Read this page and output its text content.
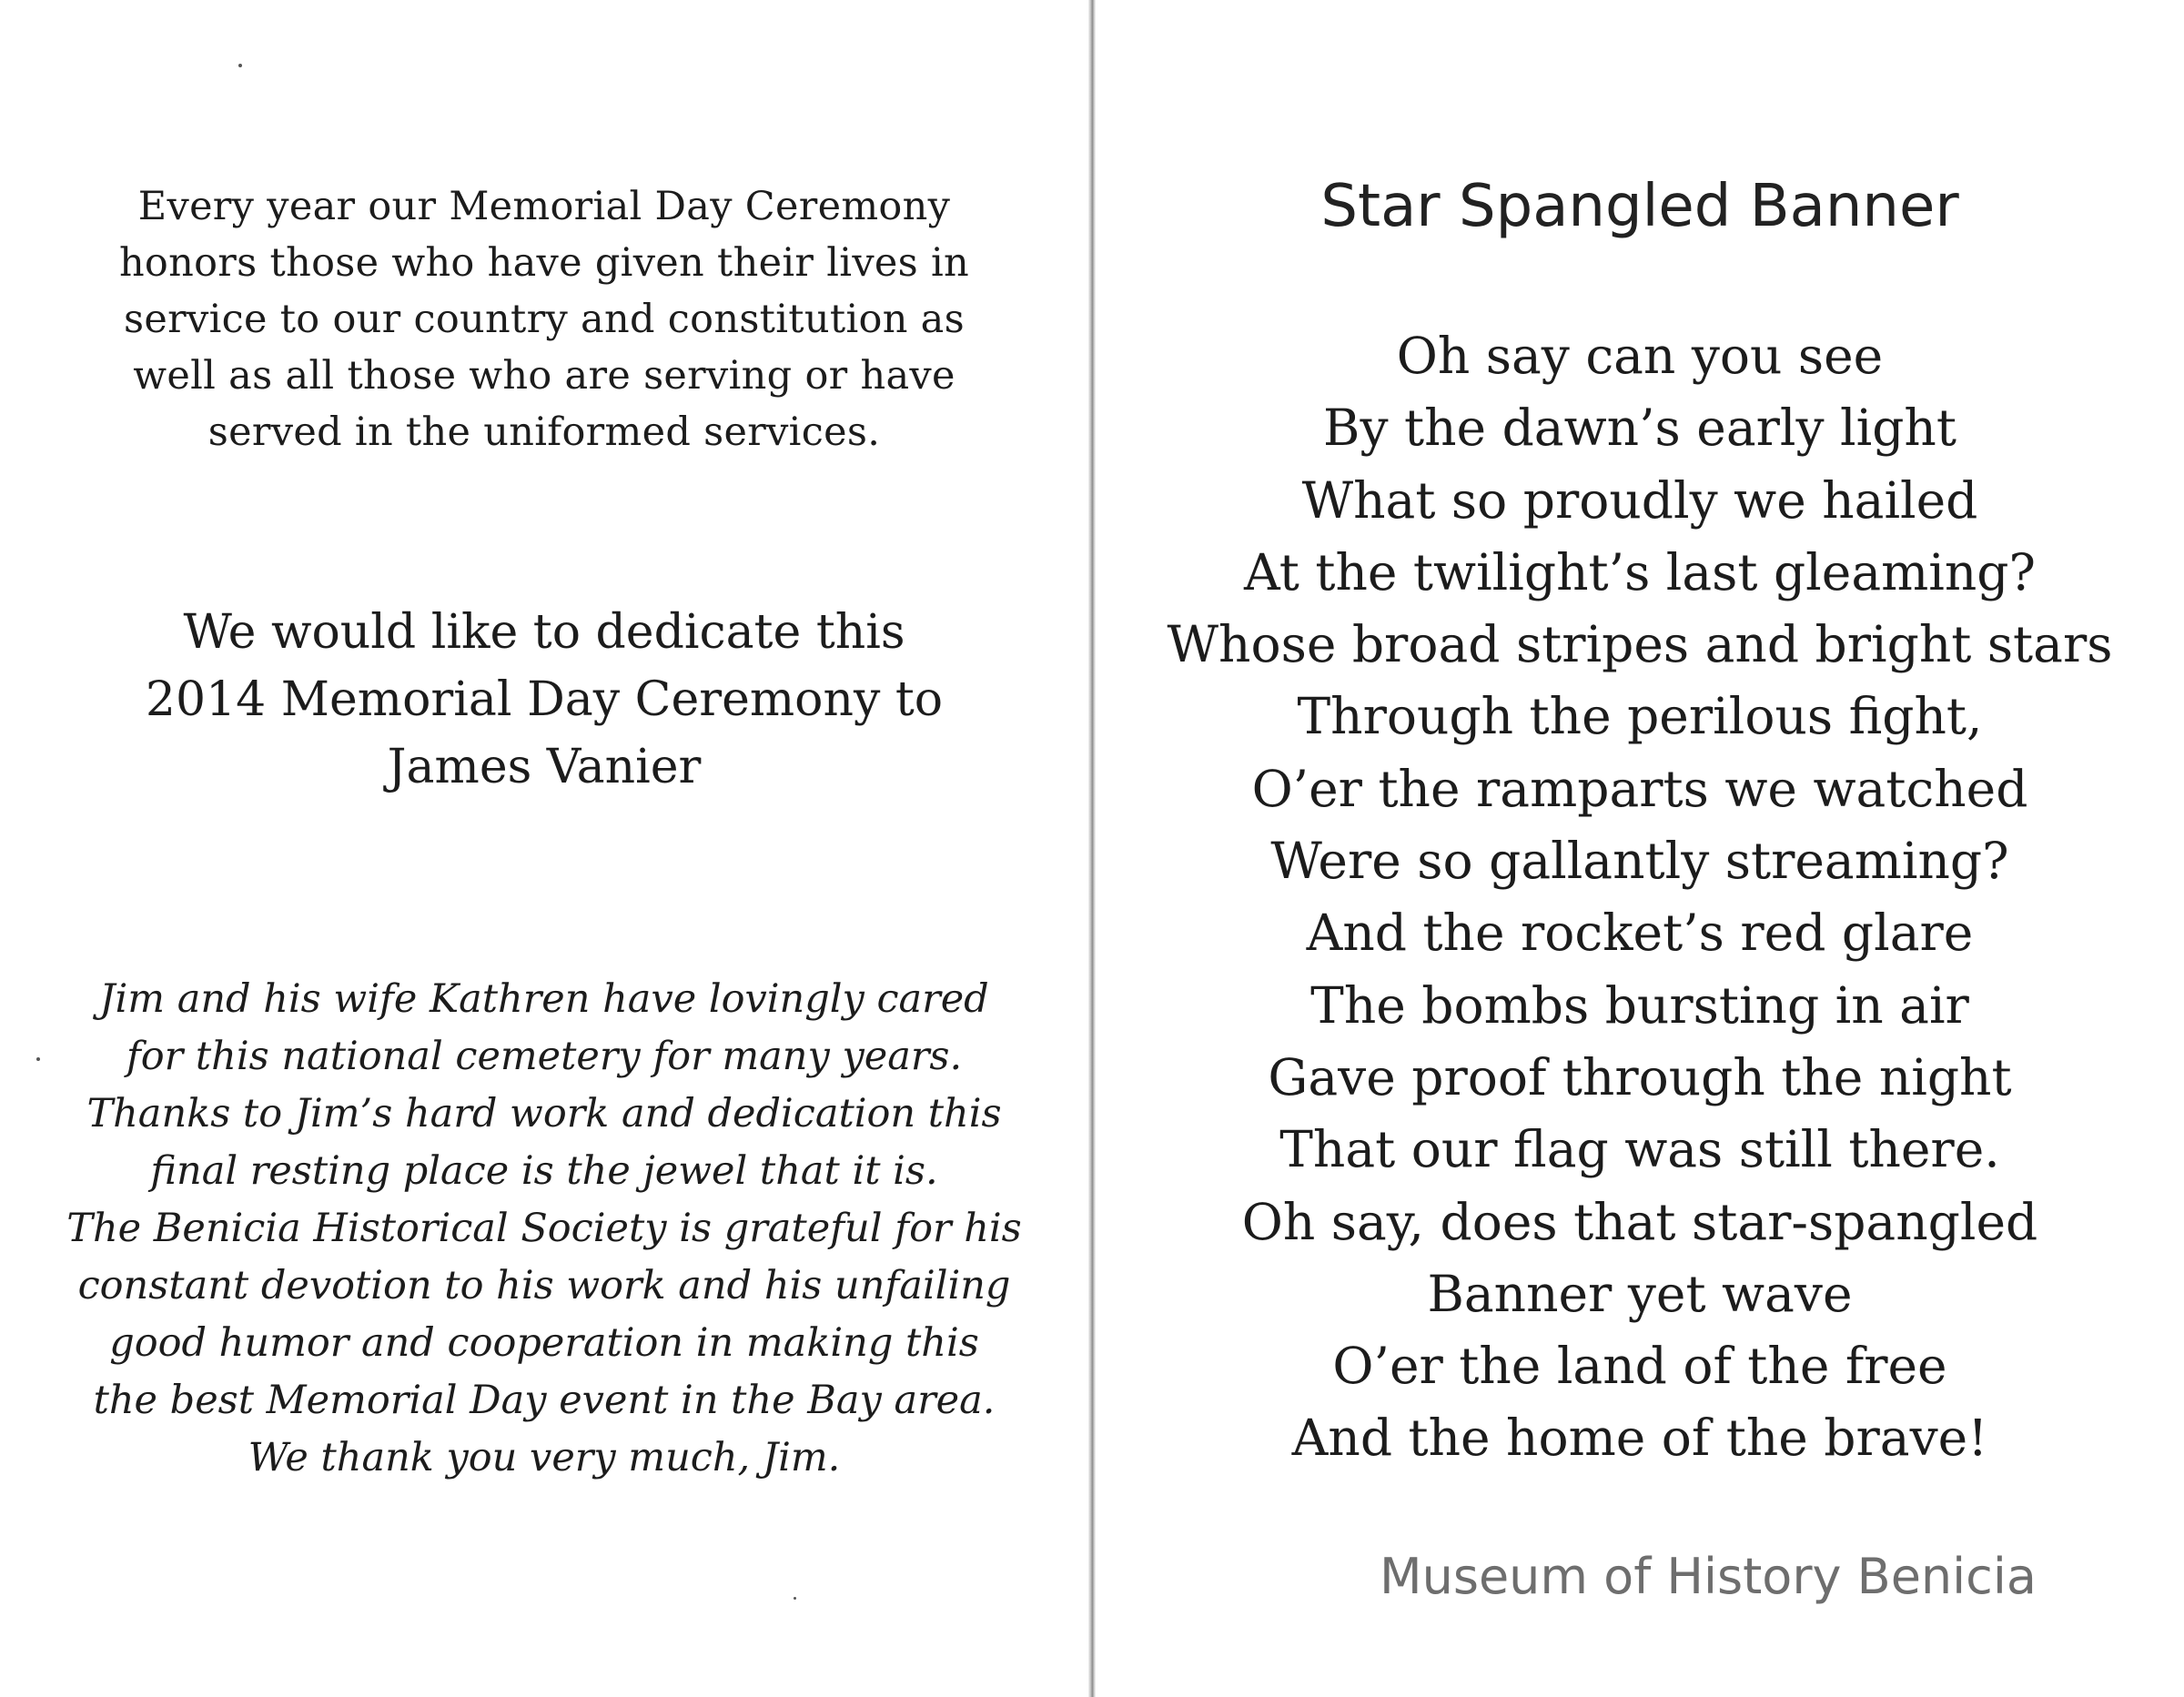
Every year our Memorial Day Ceremony
honors those who have given their lives in
service to our country and constitution as
well as all those who are serving or have
served in the uniformed services.

We would like to dedicate this
2014 Memorial Day Ceremony to
James Vanier

Jim and his wife Kathren have lovingly cared
for this national cemetery for many years.
Thanks to Jim’s hard work and dedication this
final resting place is the jewel that it is.
The Benicia Historical Society is grateful for his
constant devotion to his work and his unfailing
good humor and cooperation in making this
the best Memorial Day event in the Bay area.
We thank you very much, Jim.

Star Spangled Banner

Oh say can you see
By the dawn’s early light
What so proudly we hailed
At the twilight’s last gleaming?
Whose broad stripes and bright stars
Through the perilous fight,
O’er the ramparts we watched
Were so gallantly streaming?
And the rocket’s red glare
The bombs bursting in air
Gave proof through the night
That our flag was still there.
Oh say, does that star-spangled
Banner yet wave
O’er the land of the free
And the home of the brave!

Museum of History Benicia
